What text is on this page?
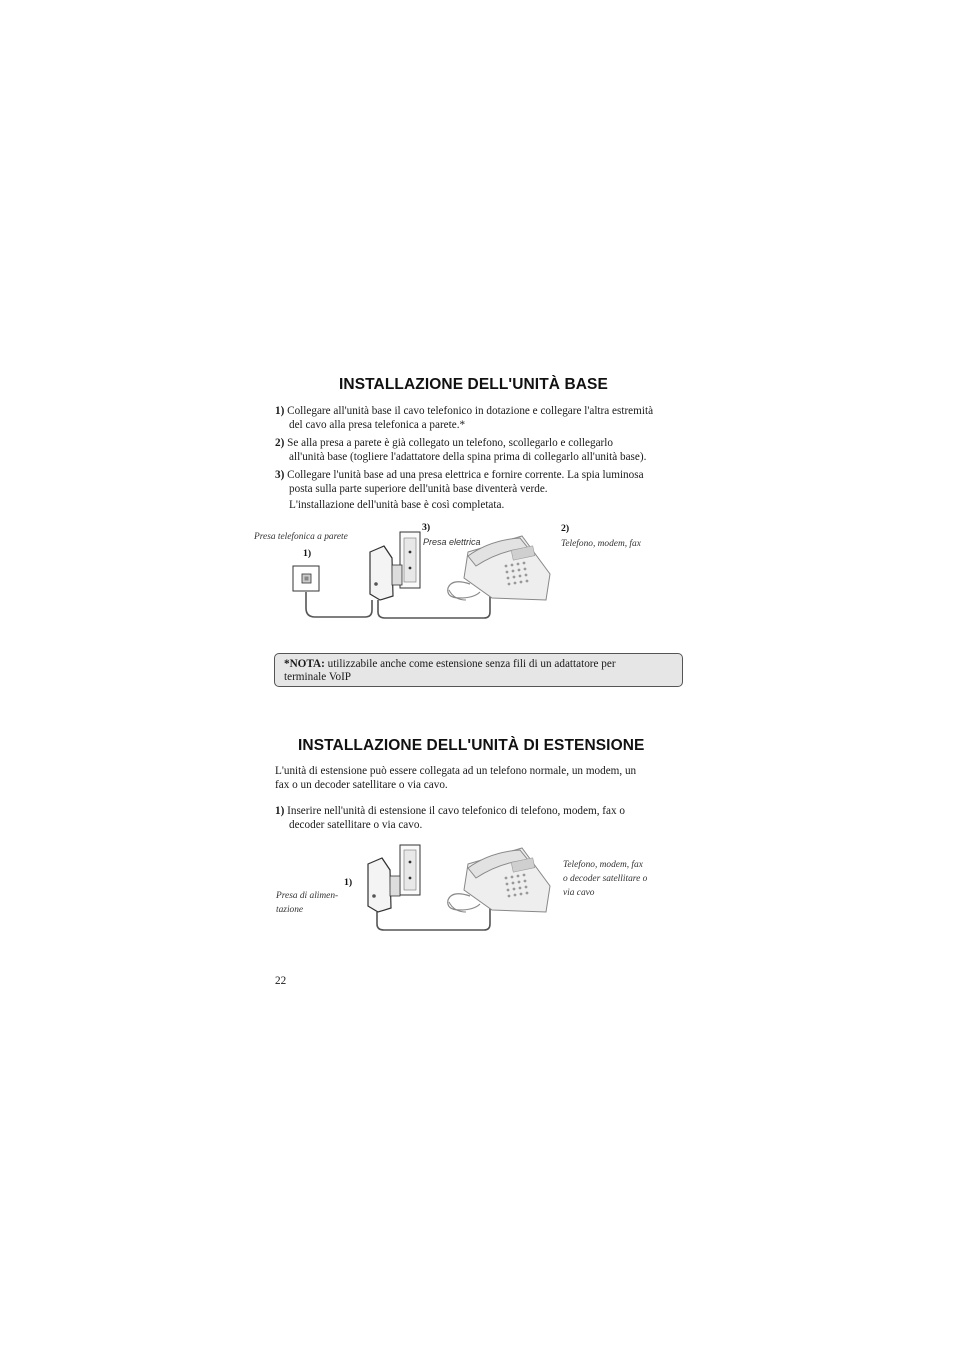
INSTALLAZIONE DELL'UNITÀ BASE
1) Collegare all'unità base il cavo telefonico in dotazione e collegare l'altra estremità
del cavo alla presa telefonica a parete.*
2) Se alla presa a parete è già collegato un telefono, scollegarlo e collegarlo
all'unità base (togliere l'adattatore della spina prima di collegarlo all'unità base).
3) Collegare l'unità base ad una presa elettrica e fornire corrente. La spia luminosa
posta sulla parte superiore dell'unità base diventerà verde.
L'installazione dell'unità base è così completata.
Presa telefonica a parete
1)
3)
Presa elettrica
2)
Telefono, modem, fax
*NOTA: utilizzabile anche come estensione senza fili di un adattatore per
terminale VoIP
INSTALLAZIONE DELL'UNITÀ DI ESTENSIONE
L'unità di estensione può essere collegata ad un telefono normale, un modem, un
fax o un decoder satellitare o via cavo.
1) Inserire nell'unità di estensione il cavo telefonico di telefono, modem, fax o
decoder satellitare o via cavo.
1)
Presa di alimen-
tazione
Telefono, modem, fax
o decoder satellitare o
via cavo
22
